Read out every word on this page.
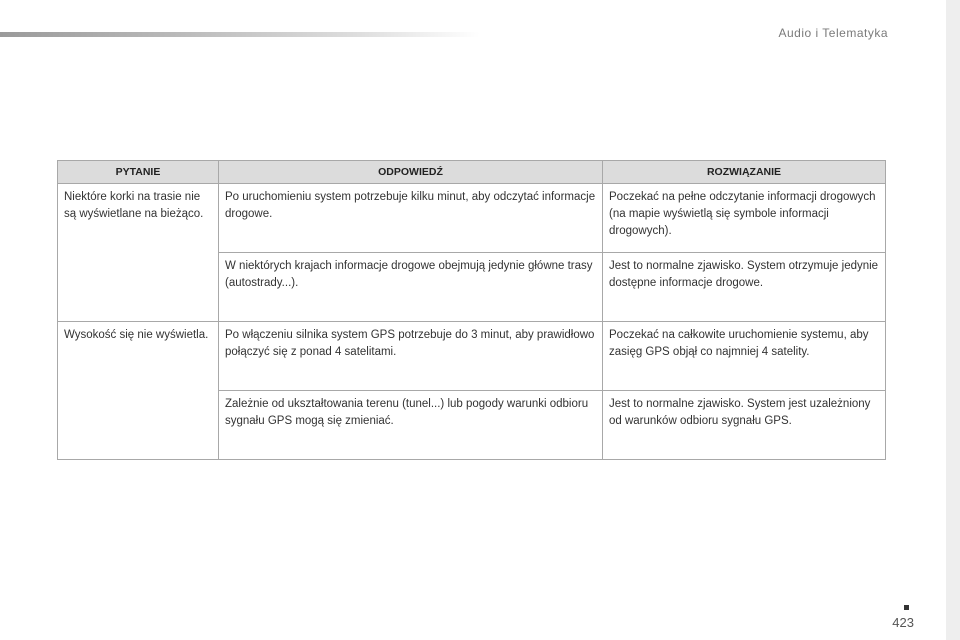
Audio i Telematyka
PYTANIE	ODPOWIEDŹ	ROZWIĄZANIE
Niektóre korki na trasie nie są wyświetlane na bieżąco.	Po uruchomieniu system potrzebuje kilku minut, aby odczytać informacje drogowe.	Poczekać na pełne odczytanie informacji drogowych (na mapie wyświetlą się symbole informacji drogowych).
	W niektórych krajach informacje drogowe obejmują jedynie główne trasy (autostrady...).	Jest to normalne zjawisko. System otrzymuje jedynie dostępne informacje drogowe.
Wysokość się nie wyświetla.	Po włączeniu silnika system GPS potrzebuje do 3 minut, aby prawidłowo połączyć się z ponad 4 satelitami.	Poczekać na całkowite uruchomienie systemu, aby zasięg GPS objął co najmniej 4 satelity.
	Zależnie od ukształtowania terenu (tunel...) lub pogody warunki odbioru sygnału GPS mogą się zmieniać.	Jest to normalne zjawisko. System jest uzależniony od warunków odbioru sygnału GPS.
423
